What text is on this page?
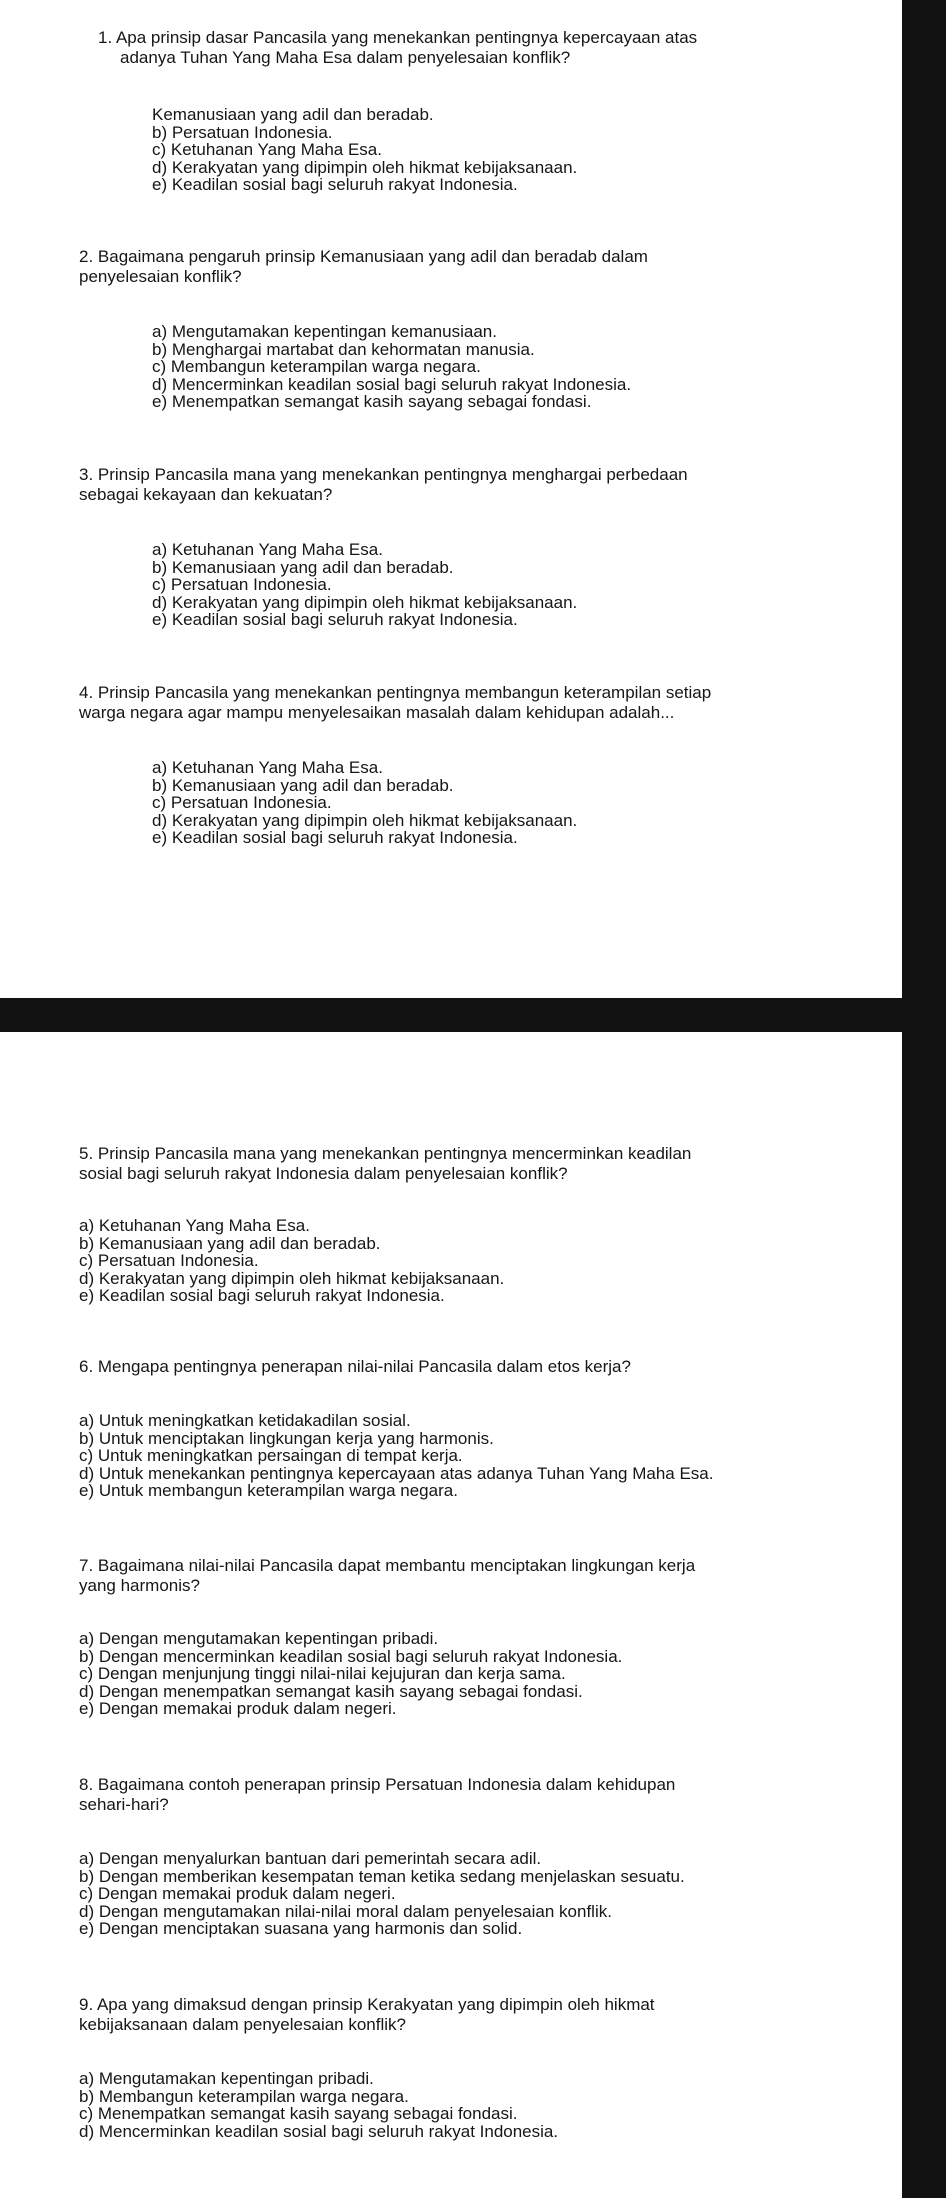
1. Apa prinsip dasar Pancasila yang menekankan pentingnya kepercayaan atas
adanya Tuhan Yang Maha Esa dalam penyelesaian konflik?
Kemanusiaan yang adil dan beradab.
b) Persatuan Indonesia.
c) Ketuhanan Yang Maha Esa.
d) Kerakyatan yang dipimpin oleh hikmat kebijaksanaan.
e) Keadilan sosial bagi seluruh rakyat Indonesia.
2. Bagaimana pengaruh prinsip Kemanusiaan yang adil dan beradab dalam
penyelesaian konflik?
a) Mengutamakan kepentingan kemanusiaan.
b) Menghargai martabat dan kehormatan manusia.
c) Membangun keterampilan warga negara.
d) Mencerminkan keadilan sosial bagi seluruh rakyat Indonesia.
e) Menempatkan semangat kasih sayang sebagai fondasi.
3. Prinsip Pancasila mana yang menekankan pentingnya menghargai perbedaan
sebagai kekayaan dan kekuatan?
a) Ketuhanan Yang Maha Esa.
b) Kemanusiaan yang adil dan beradab.
c) Persatuan Indonesia.
d) Kerakyatan yang dipimpin oleh hikmat kebijaksanaan.
e) Keadilan sosial bagi seluruh rakyat Indonesia.
4. Prinsip Pancasila yang menekankan pentingnya membangun keterampilan setiap
warga negara agar mampu menyelesaikan masalah dalam kehidupan adalah...
a) Ketuhanan Yang Maha Esa.
b) Kemanusiaan yang adil dan beradab.
c) Persatuan Indonesia.
d) Kerakyatan yang dipimpin oleh hikmat kebijaksanaan.
e) Keadilan sosial bagi seluruh rakyat Indonesia.
5. Prinsip Pancasila mana yang menekankan pentingnya mencerminkan keadilan
sosial bagi seluruh rakyat Indonesia dalam penyelesaian konflik?
a) Ketuhanan Yang Maha Esa.
b) Kemanusiaan yang adil dan beradab.
c) Persatuan Indonesia.
d) Kerakyatan yang dipimpin oleh hikmat kebijaksanaan.
e) Keadilan sosial bagi seluruh rakyat Indonesia.
6. Mengapa pentingnya penerapan nilai-nilai Pancasila dalam etos kerja?
a) Untuk meningkatkan ketidakadilan sosial.
b) Untuk menciptakan lingkungan kerja yang harmonis.
c) Untuk meningkatkan persaingan di tempat kerja.
d) Untuk menekankan pentingnya kepercayaan atas adanya Tuhan Yang Maha Esa.
e) Untuk membangun keterampilan warga negara.
7. Bagaimana nilai-nilai Pancasila dapat membantu menciptakan lingkungan kerja
yang harmonis?
a) Dengan mengutamakan kepentingan pribadi.
b) Dengan mencerminkan keadilan sosial bagi seluruh rakyat Indonesia.
c) Dengan menjunjung tinggi nilai-nilai kejujuran dan kerja sama.
d) Dengan menempatkan semangat kasih sayang sebagai fondasi.
e) Dengan memakai produk dalam negeri.
8. Bagaimana contoh penerapan prinsip Persatuan Indonesia dalam kehidupan
sehari-hari?
a) Dengan menyalurkan bantuan dari pemerintah secara adil.
b) Dengan memberikan kesempatan teman ketika sedang menjelaskan sesuatu.
c) Dengan memakai produk dalam negeri.
d) Dengan mengutamakan nilai-nilai moral dalam penyelesaian konflik.
e) Dengan menciptakan suasana yang harmonis dan solid.
9. Apa yang dimaksud dengan prinsip Kerakyatan yang dipimpin oleh hikmat
kebijaksanaan dalam penyelesaian konflik?
a) Mengutamakan kepentingan pribadi.
b) Membangun keterampilan warga negara.
c) Menempatkan semangat kasih sayang sebagai fondasi.
d) Mencerminkan keadilan sosial bagi seluruh rakyat Indonesia.
